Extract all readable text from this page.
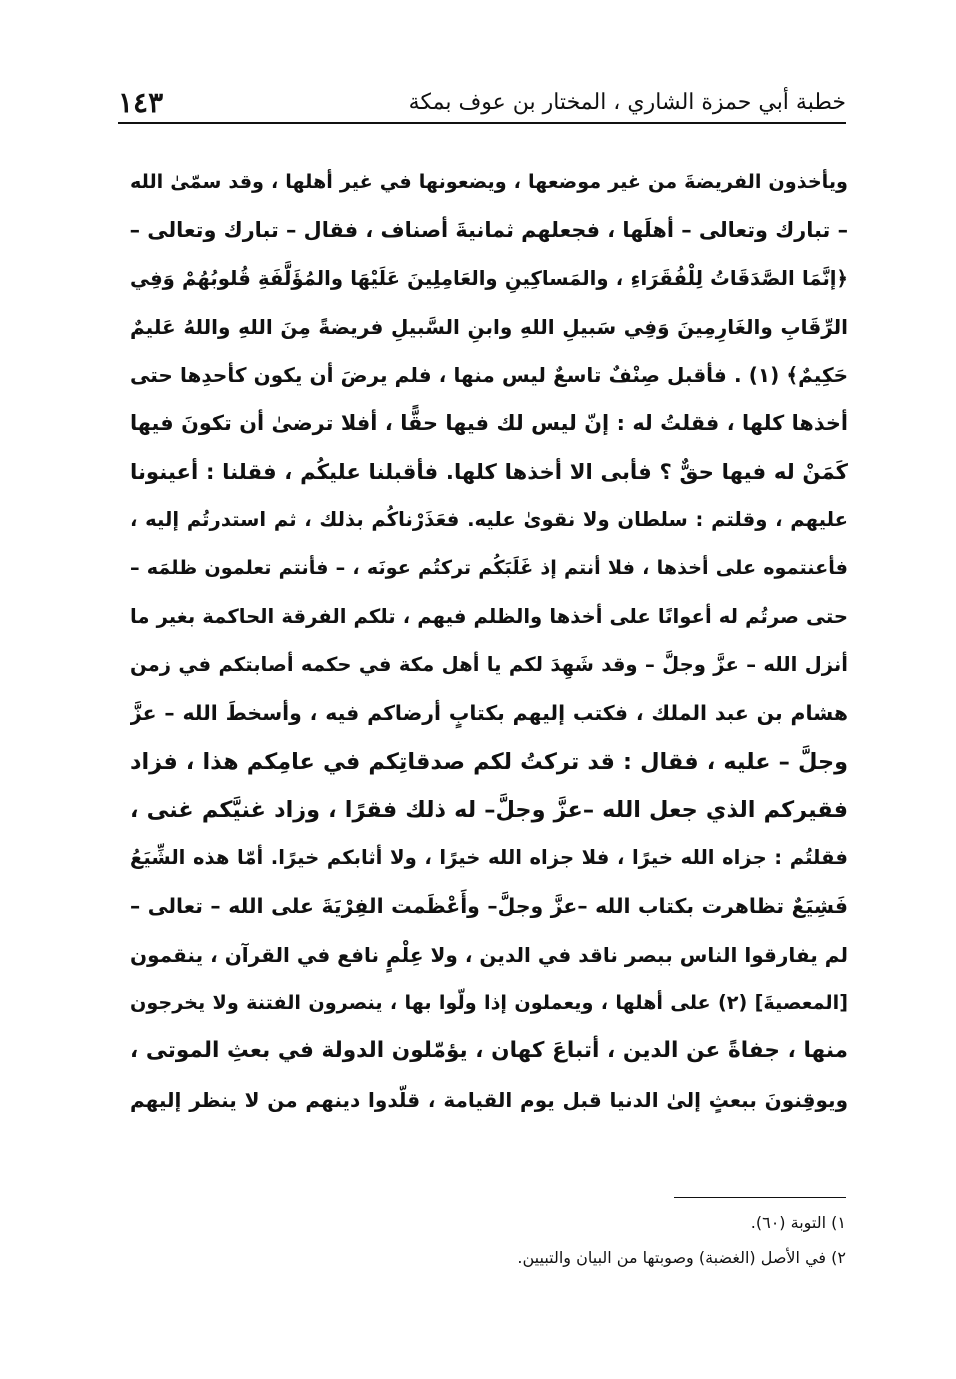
خطبة أبي حمزة الشاري ، المختار بن عوف بمكة
١٤٣
ويأخذون الفريضةَ من غير موضعها ، ويضعونها في غير أهلها ، وقد سمّىٰ الله
– تبارك وتعالى – أهلَها ، فجعلهم ثمانيةَ أصناف ، فقال – تبارك وتعالى –
﴿إنَّمَا الصَّدَقَاتُ لِلْفُقَرَاءِ ، والمَساكِينِ والعَامِلِينَ عَلَيْهَا والمُؤَلَّفَةِ قُلوبُهُمْ وَفِي
الرِّقَابِ والغَارِمِينَ وَفِي سَبيلِ اللهِ وابنِ السَّبيلِ فريضةً مِنَ اللهِ واللهُ عَليمٌ
حَكِيمٌ﴾ (١) . فأقبل صِنْفٌ تاسعٌ ليس منها ، فلم يرضَ أن يكون كأحدِها حتى
أخذها كلها ، فقلتُ له : إنّ ليس لك فيها حقًّا ، أفلا ترضىٰ أن تكونَ فيها
كَمَنْ له فيها حقٌّ ؟ فأبى الا أخذها كلها. فأقبلنا عليكُم ، فقلنا : أعينونا
عليهم ، وقلتم : سلطان ولا نقوىٰ عليه. فعَذَرْناكُم بذلك ، ثم استدرتُم إليه ،
فأعنتموه على أخذها ، فلا أنتم إذ غَلَبَكُم تركتُم عونَه ، – فأنتم تعلمون ظلمَه –
حتى صرتُم له أعوانًا على أخذها والظلم فيهم ، تلكم الفرقة الحاكمة بغير ما
أنزل الله – عزَّ وجلَّ – وقد شَهِدَ لكم يا أهل مكة في حكمه أصابتكم في زمن
هشام بن عبد الملك ، فكتب إليهم بكتابٍ أرضاكم فيه ، وأسخطَ الله – عزَّ
وجلَّ – عليه ، فقال : قد تركتُ لكم صدقاتِكم في عامِكم هذا ، فزاد
فقيركم الذي جعل الله –عزَّ وجلَّ– له ذلك فقرًا ، وزاد غنيَّكم غنى ،
فقلتُم : جزاه الله خيرًا ، فلا جزاه الله خيرًا ، ولا أثابكم خيرًا. أمّا هذه الشِّيَعُ
فَشِيَعٌ تظاهرت بكتاب الله –عزَّ وجلَّ– وأَعْظَمت الفِرْيَةَ على الله – تعالى –
لم يفارقوا الناس ببصر ناقد في الدين ، ولا عِلْمٍ نافع في القرآن ، ينقمون
[المعصيةَ] (٢) على أهلها ، ويعملون إذا ولّوا بها ، ينصرون الفتنة ولا يخرجون
منها ، جفاةً عن الدين ، أتباعَ كهان ، يؤمّلون الدولة في بعثِ الموتى ،
ويوقِنونَ ببعثٍ إلىٰ الدنيا قبل يوم القيامة ، قلّدوا دينهم من لا ينظر إليهم
١) التوبة (٦٠).
٢) في الأصل (الغضبة) وصوبتها من البيان والتبيين.
